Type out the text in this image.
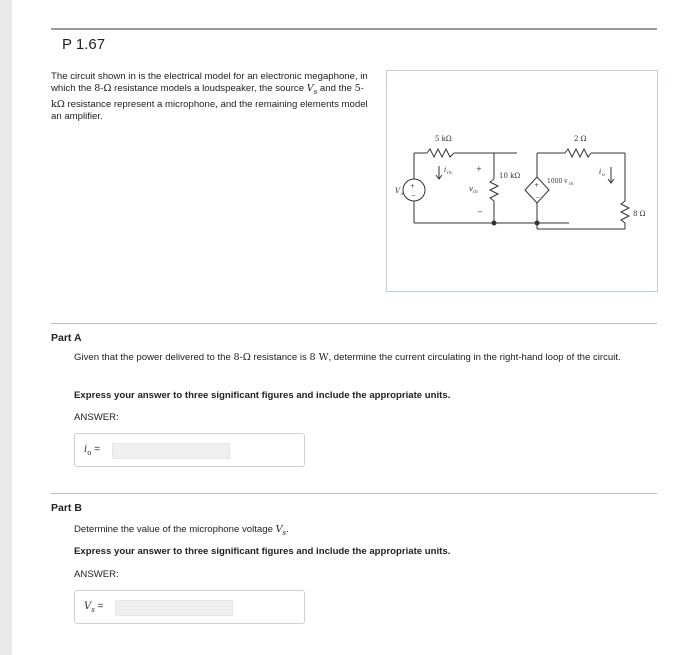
P 1.67
The circuit shown in is the electrical model for an electronic megaphone, in which the 8-Ω resistance models a loudspeaker, the source $V_s$ and the 5-kΩ resistance represent a microphone, and the remaining elements model an amplifier.
5 kΩ	2 Ω
10 kΩ
8 Ω
V s
+
−
i in
v in
+
−
1000 v in
+
−
i o
Part A
Given that the power delivered to the 8-Ω resistance is 8 W, determine the current circulating in the right-hand loop of the circuit.
Express your answer to three significant figures and include the appropriate units.
ANSWER:
$i_o$ =
Part B
Determine the value of the microphone voltage $V_s$.
Express your answer to three significant figures and include the appropriate units.
ANSWER:
$V_s$ =
